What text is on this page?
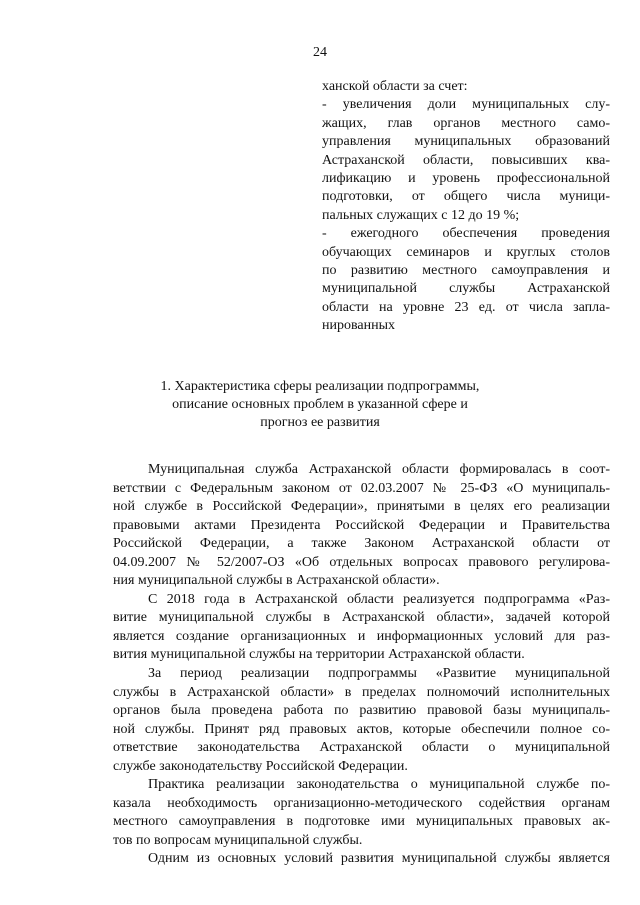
24
ханской области за счет:
- увеличения доли муниципальных слу-
жащих, глав органов местного само-
управления муниципальных образований
Астраханской области, повысивших ква-
лификацию и уровень профессиональной
подготовки, от общего числа муници-
пальных служащих с 12 до 19 %;
- ежегодного обеспечения проведения
обучающих семинаров и круглых столов
по развитию местного самоуправления и
муниципальной службы Астраханской
области на уровне 23 ед. от числа запла-
нированных
1. Характеристика сферы реализации подпрограммы,
описание основных проблем в указанной сфере и
прогноз ее развития
Муниципальная служба Астраханской области формировалась в соот-
ветствии с Федеральным законом от 02.03.2007 № 25-ФЗ «О муниципаль-
ной службе в Российской Федерации», принятыми в целях его реализации
правовыми актами Президента Российской Федерации и Правительства
Российской Федерации, а также Законом Астраханской области от
04.09.2007 № 52/2007-ОЗ «Об отдельных вопросах правового регулирова-
ния муниципальной службы в Астраханской области».
С 2018 года в Астраханской области реализуется подпрограмма «Раз-
витие муниципальной службы в Астраханской области», задачей которой
является создание организационных и информационных условий для раз-
вития муниципальной службы на территории Астраханской области.
За период реализации подпрограммы «Развитие муниципальной
службы в Астраханской области» в пределах полномочий исполнительных
органов была проведена работа по развитию правовой базы муниципаль-
ной службы. Принят ряд правовых актов, которые обеспечили полное со-
ответствие законодательства Астраханской области о муниципальной
службе законодательству Российской Федерации.
Практика реализации законодательства о муниципальной службе по-
казала необходимость организационно-методического содействия органам
местного самоуправления в подготовке ими муниципальных правовых ак-
тов по вопросам муниципальной службы.
Одним из основных условий развития муниципальной службы является
